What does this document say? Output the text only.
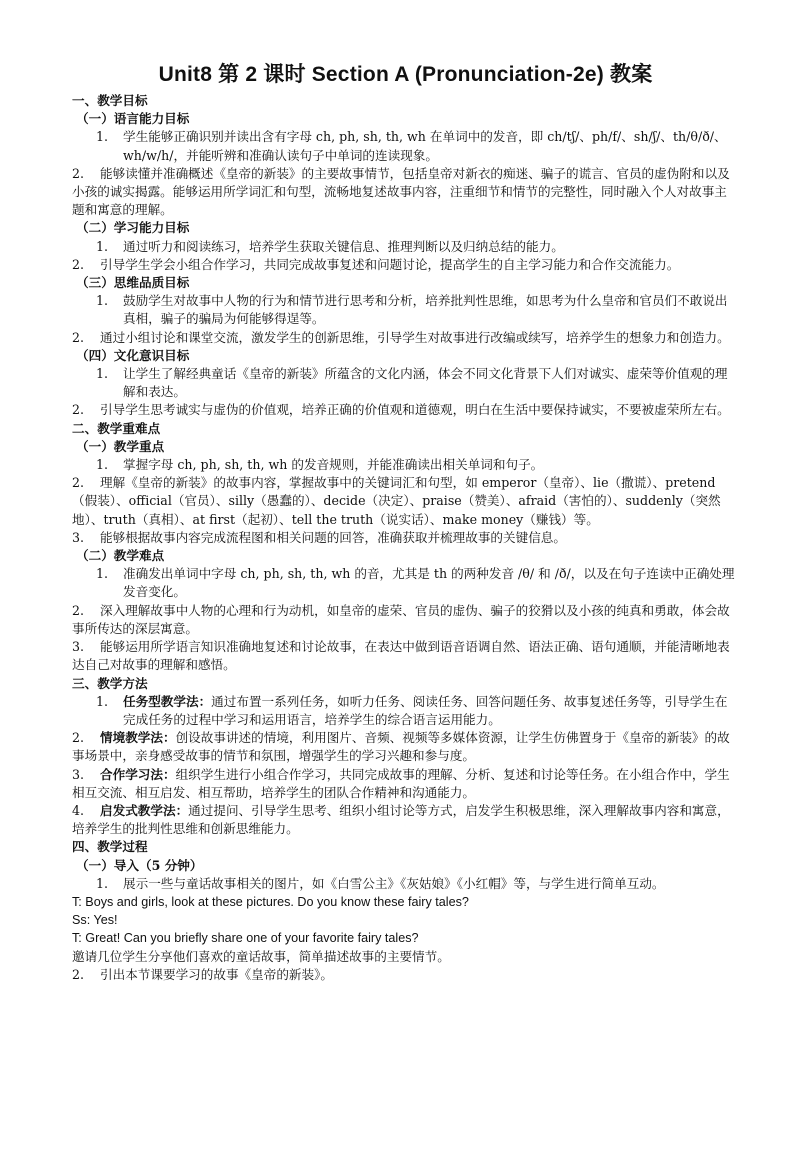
Unit8 第 2 课时 Section A (Pronunciation-2e) 教案
一、教学目标
（一）语言能力目标
1.	学生能够正确识别并读出含有字母 ch, ph, sh, th, wh 在单词中的发音，即 ch/tʃ/、ph/f/、sh/ʃ/、th/θ/ð/、wh/w/h/，并能听辨和准确认读句子中单词的连读现象。
2. 能够读懂并准确概述《皇帝的新装》的主要故事情节，包括皇帝对新衣的痴迷、骗子的谎言、官员的虚伪附和以及小孩的诚实揭露。能够运用所学词汇和句型，流畅地复述故事内容，注重细节和情节的完整性，同时融入个人对故事主题和寓意的理解。
（二）学习能力目标
1.	通过听力和阅读练习，培养学生获取关键信息、推理判断以及归纳总结的能力。
2. 引导学生学会小组合作学习，共同完成故事复述和问题讨论，提高学生的自主学习能力和合作交流能力。
（三）思维品质目标
1.	鼓励学生对故事中人物的行为和情节进行思考和分析，培养批判性思维，如思考为什么皇帝和官员们不敢说出真相，骗子的骗局为何能够得逞等。
2. 通过小组讨论和课堂交流，激发学生的创新思维，引导学生对故事进行改编或续写，培养学生的想象力和创造力。
（四）文化意识目标
1.	让学生了解经典童话《皇帝的新装》所蕴含的文化内涵，体会不同文化背景下人们对诚实、虚荣等价值观的理解和表达。
2. 引导学生思考诚实与虚伪的价值观，培养正确的价值观和道德观，明白在生活中要保持诚实，不要被虚荣所左右。
二、教学重难点
（一）教学重点
1.	掌握字母 ch, ph, sh, th, wh 的发音规则，并能准确读出相关单词和句子。
2. 理解《皇帝的新装》的故事内容，掌握故事中的关键词汇和句型，如 emperor（皇帝）、lie（撒谎）、pretend（假装）、official（官员）、silly（愚蠢的）、decide（决定）、praise（赞美）、afraid（害怕的）、suddenly（突然地）、truth（真相）、at first（起初）、tell the truth（说实话）、make money（赚钱）等。
3. 能够根据故事内容完成流程图和相关问题的回答，准确获取并梳理故事的关键信息。
（二）教学难点
1.	准确发出单词中字母 ch, ph, sh, th, wh 的音，尤其是 th 的两种发音 /θ/ 和 /ð/，以及在句子连读中正确处理发音变化。
2. 深入理解故事中人物的心理和行为动机，如皇帝的虚荣、官员的虚伪、骗子的狡猾以及小孩的纯真和勇敢，体会故事所传达的深层寓意。
3. 能够运用所学语言知识准确地复述和讨论故事，在表达中做到语音语调自然、语法正确、语句通顺，并能清晰地表达自己对故事的理解和感悟。
三、教学方法
1.	任务型教学法：通过布置一系列任务，如听力任务、阅读任务、回答问题任务、故事复述任务等，引导学生在完成任务的过程中学习和运用语言，培养学生的综合语言运用能力。
2. 情境教学法：创设故事讲述的情境，利用图片、音频、视频等多媒体资源，让学生仿佛置身于《皇帝的新装》的故事场景中，亲身感受故事的情节和氛围，增强学生的学习兴趣和参与度。
3. 合作学习法：组织学生进行小组合作学习，共同完成故事的理解、分析、复述和讨论等任务。在小组合作中，学生相互交流、相互启发、相互帮助，培养学生的团队合作精神和沟通能力。
4. 启发式教学法：通过提问、引导学生思考、组织小组讨论等方式，启发学生积极思维，深入理解故事内容和寓意，培养学生的批判性思维和创新思维能力。
四、教学过程
（一）导入（5 分钟）
1.	展示一些与童话故事相关的图片，如《白雪公主》《灰姑娘》《小红帽》等，与学生进行简单互动。
T: Boys and girls, look at these pictures. Do you know these fairy tales?
Ss: Yes!
T: Great! Can you briefly share one of your favorite fairy tales?
邀请几位学生分享他们喜欢的童话故事，简单描述故事的主要情节。
2. 引出本节课要学习的故事《皇帝的新装》。
